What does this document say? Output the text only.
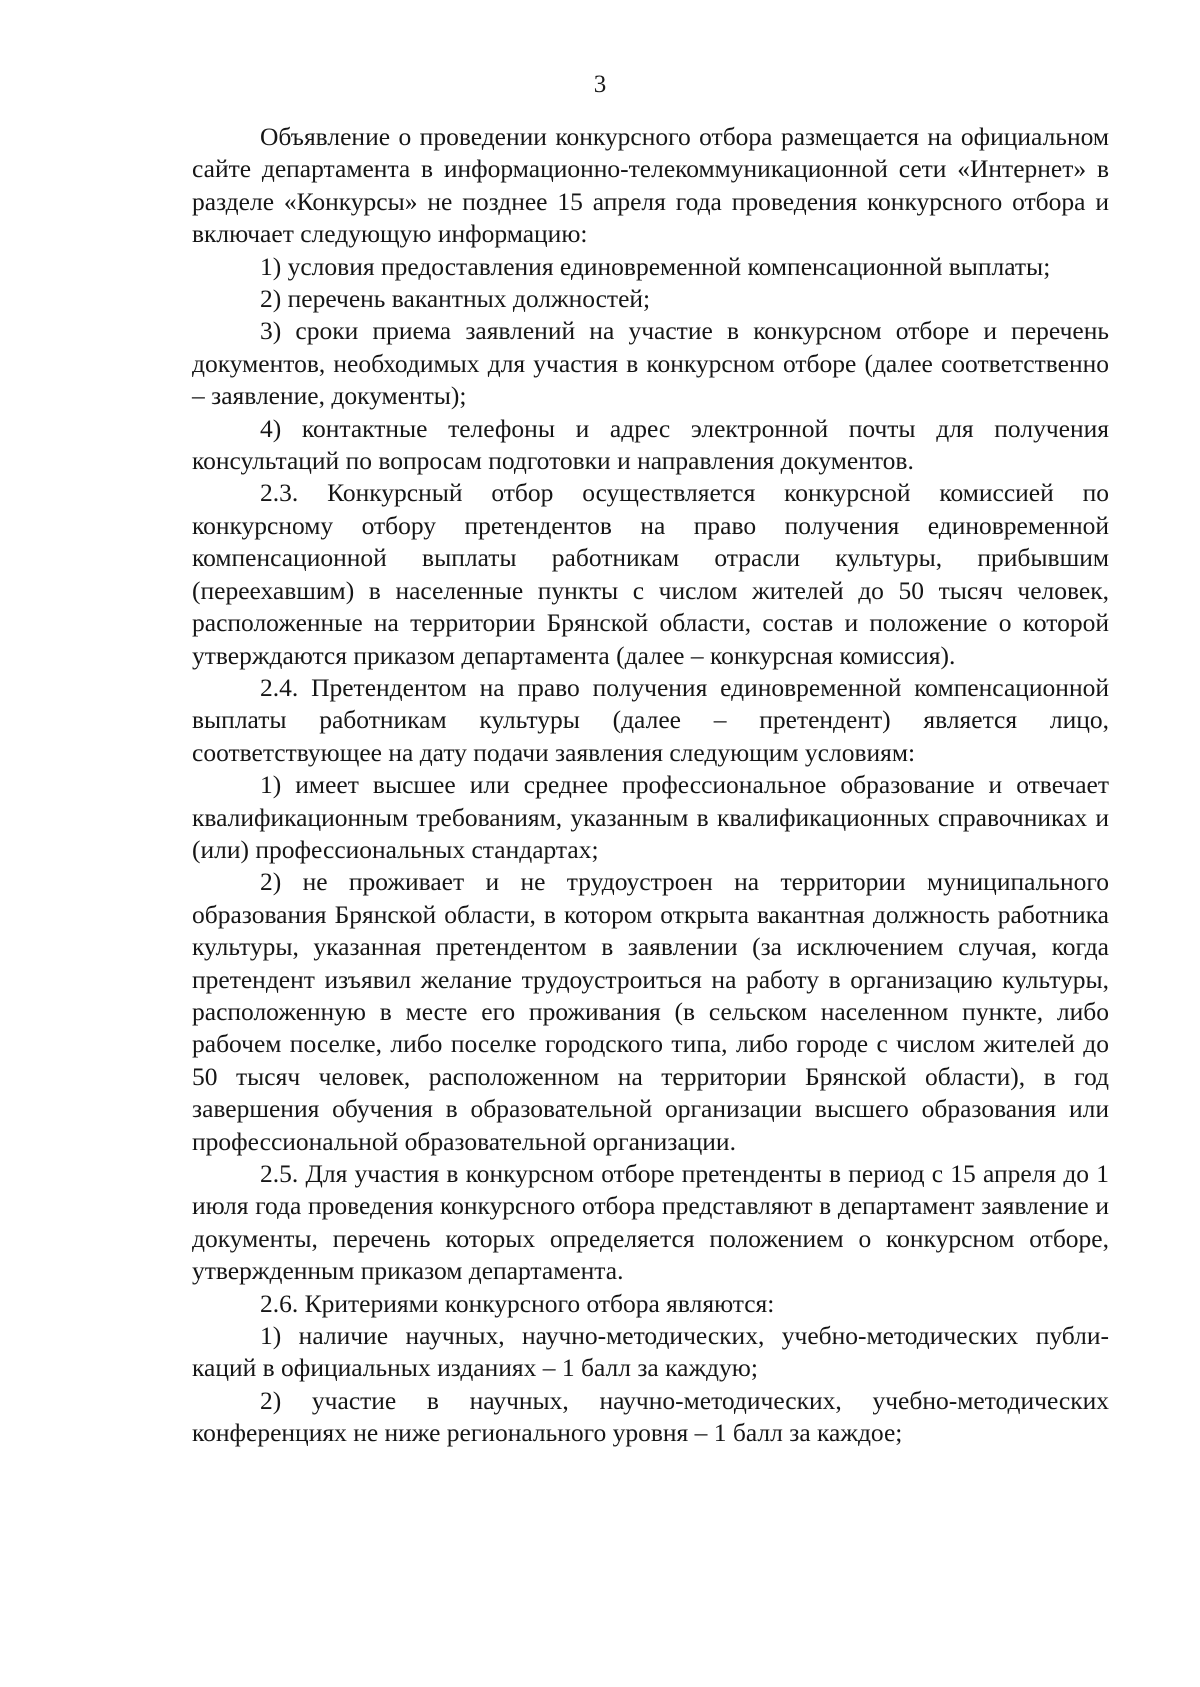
3

Объявление о проведении конкурсного отбора размещается на официальном сайте департамента в информационно-телекоммуникационной сети «Интернет» в разделе «Конкурсы» не позднее 15 апреля года проведения конкурсного отбора и включает следующую информацию:

1) условия предоставления единовременной компенсационной выплаты;

2) перечень вакантных должностей;

3) сроки приема заявлений на участие в конкурсном отборе и перечень документов, необходимых для участия в конкурсном отборе (далее соответственно – заявление, документы);

4) контактные телефоны и адрес электронной почты для получения консультаций по вопросам подготовки и направления документов.

2.3. Конкурсный отбор осуществляется конкурсной комиссией по конкурсному отбору претендентов на право получения единовременной компенсационной выплаты работникам отрасли культуры, прибывшим (переехавшим) в населенные пункты с числом жителей до 50 тысяч человек, расположенные на территории Брянской области, состав и положение о которой утверждаются приказом департамента (далее – конкурсная комиссия).

2.4. Претендентом на право получения единовременной компенсационной выплаты работникам культуры (далее – претендент) является лицо, соответствующее на дату подачи заявления следующим условиям:

1) имеет высшее или среднее профессиональное образование и отвечает квалификационным требованиям, указанным в квалификационных справочниках и (или) профессиональных стандартах;

2) не проживает и не трудоустроен на территории муниципального образования Брянской области, в котором открыта вакантная должность работника культуры, указанная претендентом в заявлении (за исключением случая, когда претендент изъявил желание трудоустроиться на работу в организацию культуры, расположенную в месте его проживания (в сельском населенном пункте, либо рабочем поселке, либо поселке городского типа, либо городе с числом жителей до 50 тысяч человек, расположенном на территории Брянской области), в год завершения обучения в образовательной организации высшего образования или профессиональной образовательной организации.

2.5. Для участия в конкурсном отборе претенденты в период с 15 апреля до 1 июля года проведения конкурсного отбора представляют в департамент заявление и документы, перечень которых определяется положением о конкурсном отборе, утвержденным приказом департамента.

2.6. Критериями конкурсного отбора являются:

1) наличие научных, научно-методических, учебно-методических публикаций в официальных изданиях – 1 балл за каждую;

2) участие в научных, научно-методических, учебно-методических конференциях не ниже регионального уровня – 1 балл за каждое;
